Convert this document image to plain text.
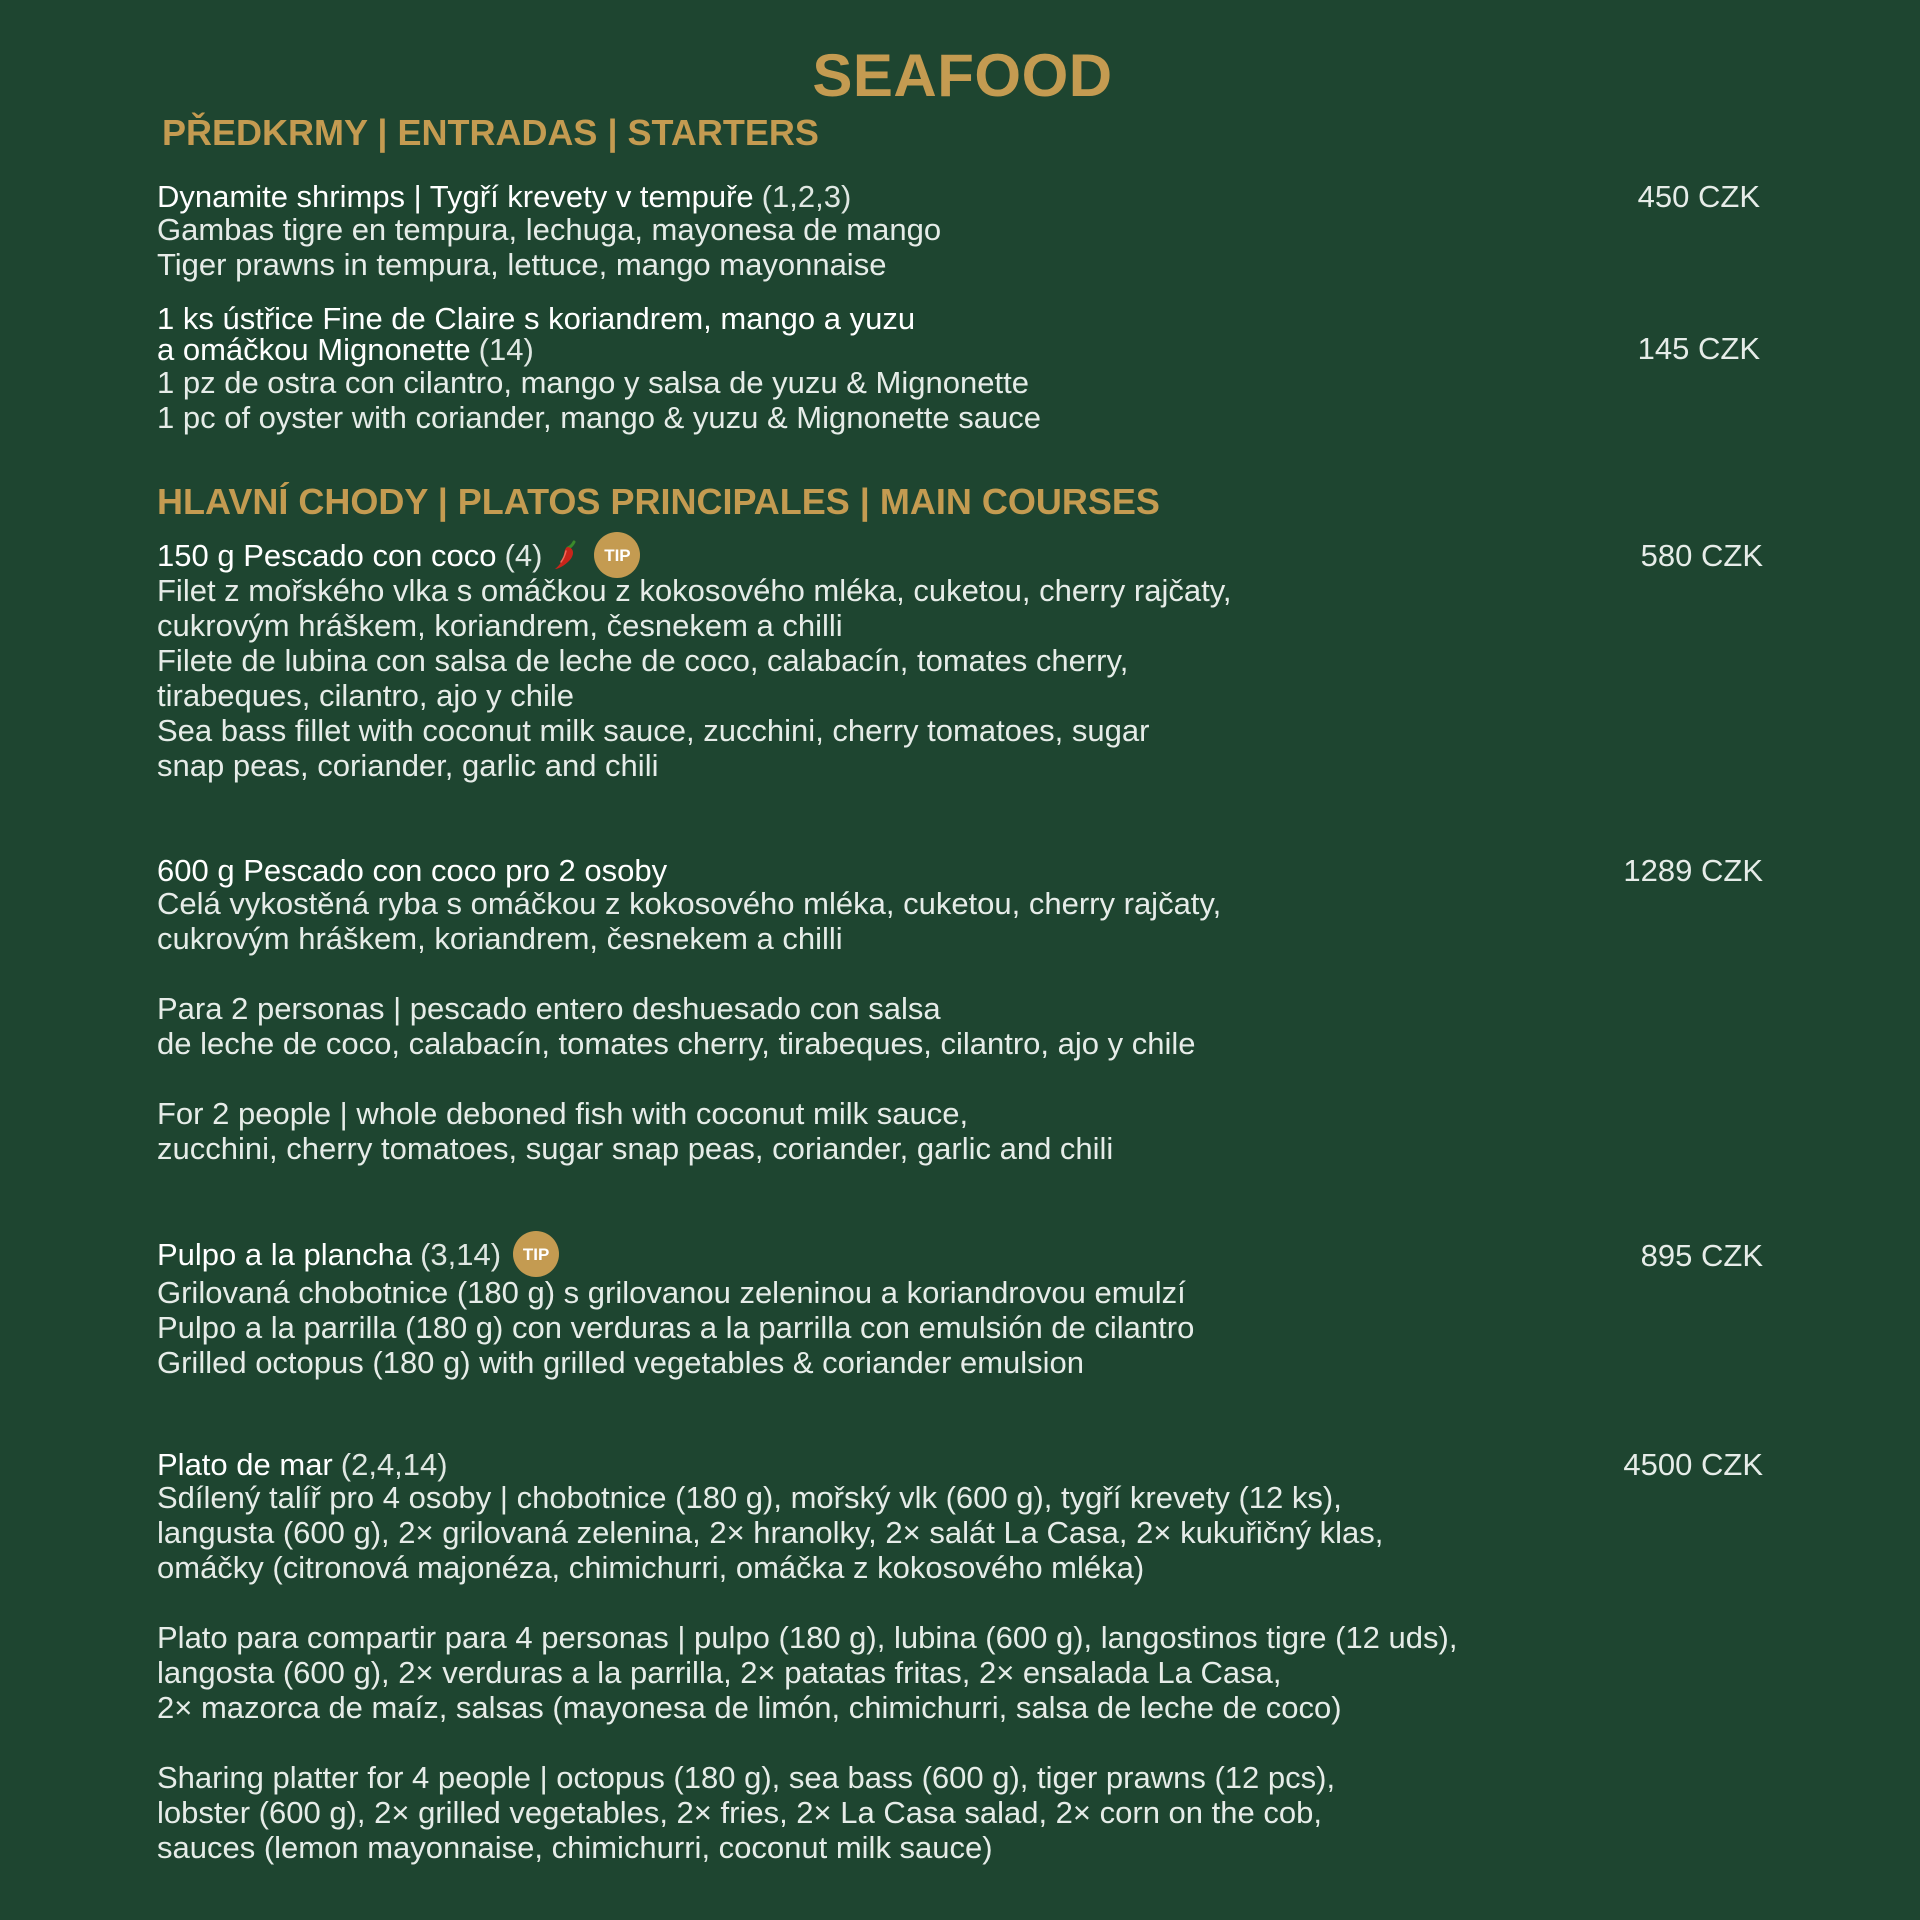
SEAFOOD
PŘEDKRMY | ENTRADAS | STARTERS
Dynamite shrimps | Tygří krevety v tempuře (1,2,3)

Gambas tigre en tempura, lechuga, mayonesa de mango

Tiger prawns in tempura, lettuce, mango mayonnaise

450 CZK
1 ks ústřice Fine de Claire s koriandrem, mango a yuzu
a omáčkou Mignonette (14)

1 pz de ostra con cilantro, mango y salsa de yuzu & Mignonette

1 pc of oyster with coriander, mango & yuzu & Mignonette sauce

145 CZK
HLAVNÍ CHODY | PLATOS PRINCIPALES | MAIN COURSES
150 g Pescado con coco (4)	TIP

Filet z mořského vlka s omáčkou z kokosového mléka, cuketou, cherry rajčaty,

cukrovým hráškem, koriandrem, česnekem a chilli

Filete de lubina con salsa de leche de coco, calabacín, tomates cherry,

tirabeques, cilantro, ajo y chile

Sea bass fillet with coconut milk sauce, zucchini, cherry tomatoes, sugar

snap peas, coriander, garlic and chili

580 CZK
600 g Pescado con coco pro 2 osoby

Celá vykostěná ryba s omáčkou z kokosového mléka, cuketou, cherry rajčaty,

cukrovým hráškem, koriandrem, česnekem a chilli

Para 2 personas | pescado entero deshuesado con salsa

de leche de coco, calabacín, tomates cherry, tirabeques, cilantro, ajo y chile

For 2 people | whole deboned fish with coconut milk sauce,

zucchini, cherry tomatoes, sugar snap peas, coriander, garlic and chili

1289 CZK
Pulpo a la plancha (3,14)	TIP

Grilovaná chobotnice (180 g) s grilovanou zeleninou a koriandrovou emulzí

Pulpo a la parrilla (180 g) con verduras a la parrilla con emulsión de cilantro

Grilled octopus (180 g) with grilled vegetables & coriander emulsion

895 CZK
Plato de mar (2,4,14)

Sdílený talíř pro 4 osoby | chobotnice (180 g), mořský vlk (600 g), tygří krevety (12 ks),

langusta (600 g), 2× grilovaná zelenina, 2× hranolky, 2× salát La Casa, 2× kukuřičný klas,

omáčky (citronová majonéza, chimichurri, omáčka z kokosového mléka)

Plato para compartir para 4 personas | pulpo (180 g), lubina (600 g), langostinos tigre (12 uds),

langosta (600 g), 2× verduras a la parrilla, 2× patatas fritas, 2× ensalada La Casa,

2× mazorca de maíz, salsas (mayonesa de limón, chimichurri, salsa de leche de coco)

Sharing platter for 4 people | octopus (180 g), sea bass (600 g), tiger prawns (12 pcs),

lobster (600 g), 2× grilled vegetables, 2× fries, 2× La Casa salad, 2× corn on the cob,

sauces (lemon mayonnaise, chimichurri, coconut milk sauce)

4500 CZK
